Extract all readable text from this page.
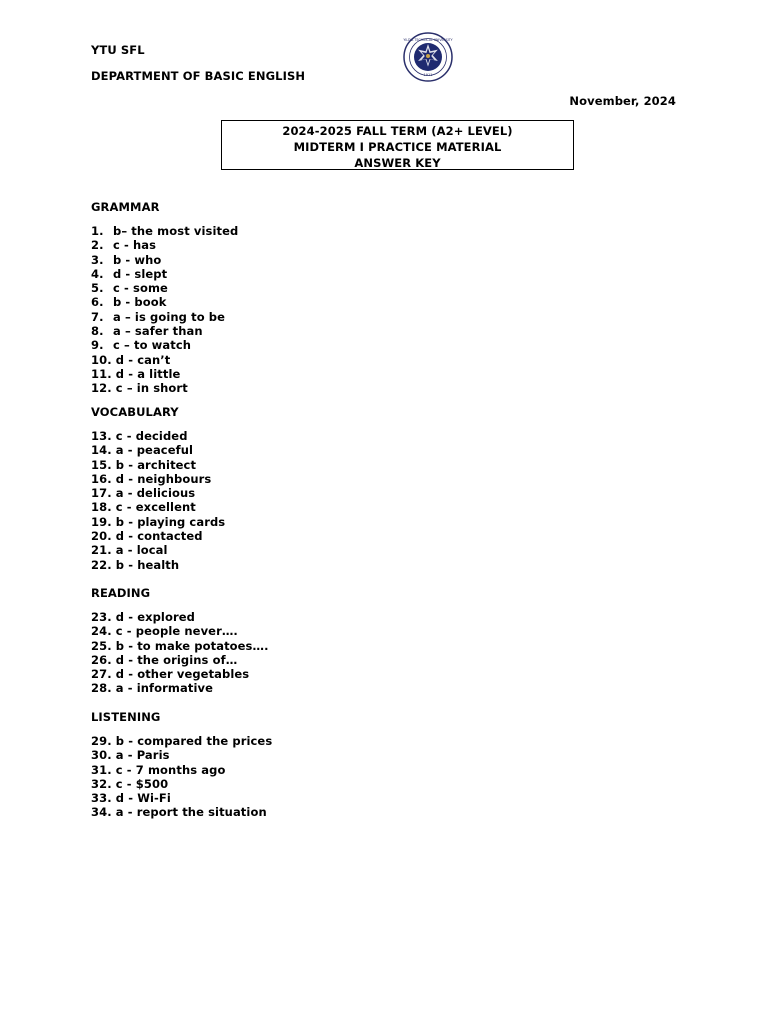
YTU SFL
DEPARTMENT OF BASIC ENGLISH
YILDIZ TECHNICAL UNIVERSITY
1911
November, 2024
2024-2025 FALL TERM (A2+ LEVEL)
MIDTERM I PRACTICE MATERIAL
ANSWER KEY
GRAMMAR
1. b– the most visited
2. c - has
3. b - who
4. d - slept
5. c - some
6. b - book
7. a – is going to be
8. a – safer than
9. c – to watch
10. d - can’t
11. d - a little
12. c – in short
VOCABULARY
13. c - decided
14. a - peaceful
15. b - architect
16. d - neighbours
17. a - delicious
18. c - excellent
19. b - playing cards
20. d - contacted
21. a - local
22. b - health
READING
23. d - explored
24. c - people never….
25. b - to make potatoes….
26. d - the origins of…
27. d - other vegetables
28. a - informative
LISTENING
29. b - compared the prices
30. a - Paris
31. c - 7 months ago
32. c - $500
33. d - Wi-Fi
34. a - report the situation
